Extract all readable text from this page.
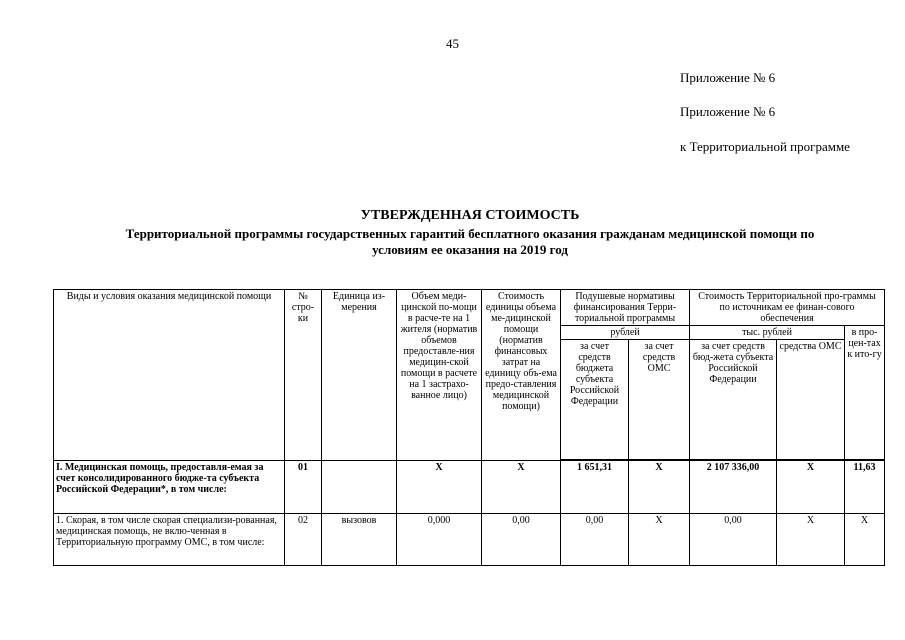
45
Приложение № 6
Приложение № 6
к Территориальной программе
УТВЕРЖДЕННАЯ СТОИМОСТЬ
Территориальной программы государственных гарантий бесплатного оказания гражданам медицинской помощи по
условиям ее оказания на 2019 год
Виды и условия оказания медицинской помощи	№ стро-ки	Единица из-мерения	Объем меди-цинской по-мощи в расче-те на 1 жителя (норматив объемов предоставле-ния медицин-ской помощи в расчете на 1 застрахо-ванное лицо)	Стоимость единицы объема ме-дицинской помощи (норматив финансовых затрат на единицу объ-ема предо-ставления медицинской помощи)	Подушевые нормативы финансирования Терри-ториальной программы		Стоимость Территориальной про-граммы по источникам ее финан-сового обеспечения		
					рублей		тыс. рублей		в про-цен-тах к ито-гу
					за счет средств бюджета субъекта Российской Федерации	за счет средств ОМС	за счет средств бюд-жета субъекта Российской Федерации	средства ОМС	

I. Медицинская помощь, предоставля-емая за счет консолидированного бюдже-та субъекта Российской Федерации*, в том числе:	01		X	X	1 651,31	X	2 107 336,00	X	11,63
1. Скорая, в том числе скорая специализи-рованная, медицинская помощь, не вклю-ченная в Территориальную программу ОМС, в том числе:	02	вызовов	0,000	0,00	0,00	X	0,00	X	X
